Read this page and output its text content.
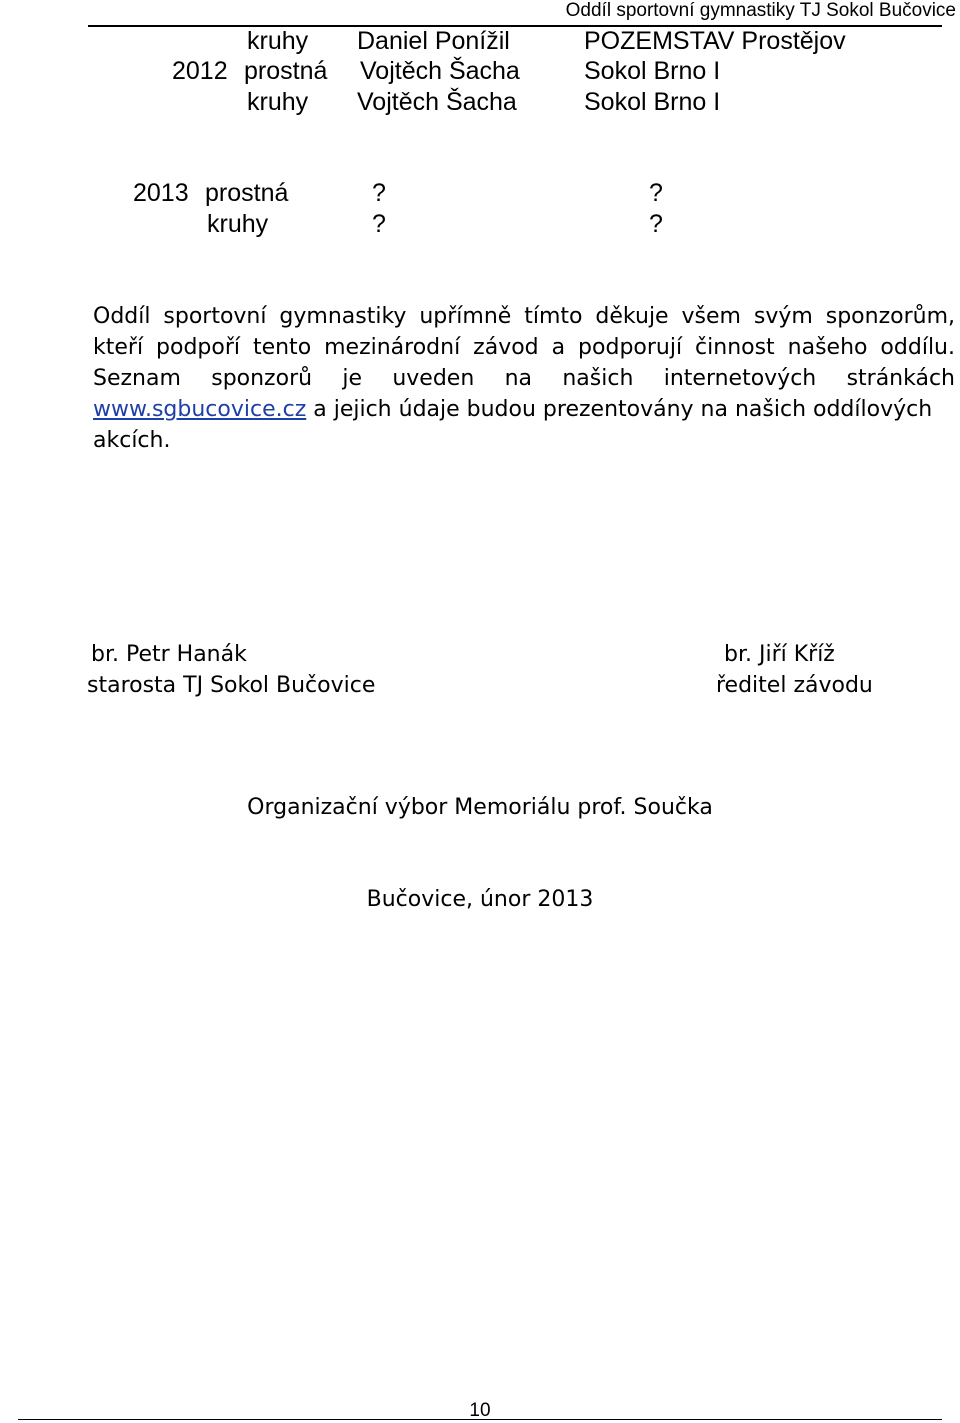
Oddíl sportovní gymnastiky TJ Sokol Bučovice
kruhy Daniel Ponížil	POZEMSTAV Prostějov
2012 prostná Vojtěch Šacha	Sokol Brno I
kruhy Vojtěch Šacha	Sokol Brno I
2013 prostná	?	?
kruhy	?	?
Oddíl sportovní gymnastiky upřímně tímto děkuje všem svým sponzorům,
kteří podpoří tento mezinárodní závod a podporují činnost našeho oddílu.
Seznam sponzorů je uveden na našich internetových stránkách
www.sgbucovice.cz a jejich údaje budou prezentovány na našich oddílových
akcích.
br. Petr Hanák
starosta TJ Sokol Bučovice
br. Jiří Kříž
ředitel závodu
Organizační výbor Memoriálu prof. Součka
Bučovice, únor 2013
10
